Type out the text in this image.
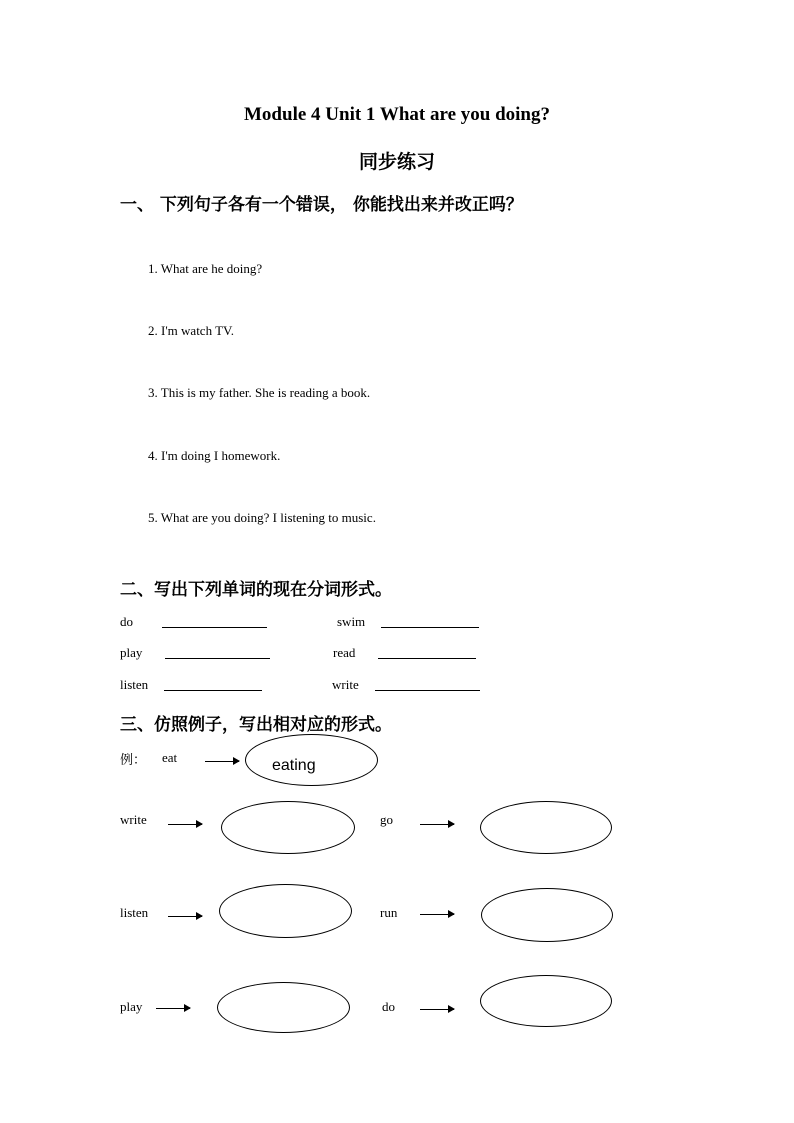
Module 4 Unit 1 What are you doing?
同步练习
一、 下列句子各有一个错误， 你能找出来并改正吗？
1. What are he doing?
2. I'm watch TV.
3. This is my father. She is reading a book.
4. I'm doing I homework.
5. What are you doing? I listening to music.
二、写出下列单词的现在分词形式。
do	swim
play	read
listen	write
三、仿照例子，写出相对应的形式。
例： eat	eating
write	go
listen	run
play	do
